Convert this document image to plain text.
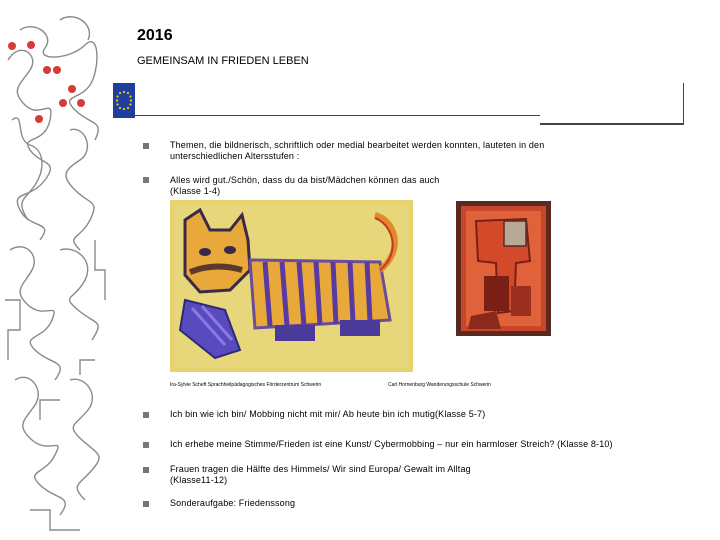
2016
GEMEINSAM IN FRIEDEN LEBEN
Themen, die bildnerisch, schriftlich oder medial bearbeitet werden konnten, lauteten in den unterschiedlichen Altersstufen :
Alles wird gut./Schön, dass du da bist/Mädchen können das auch (Klasse 1-4)
Ira-Sylvie Scheft Sprachheilpädagogisches Förderzentrum Schwerin	Carl Hornenburg Wanderungsschule Schwerin
Ich bin wie ich bin/ Mobbing nicht mit mir/ Ab heute bin ich mutig(Klasse 5-7)
Ich erhebe meine Stimme/Frieden ist eine Kunst/ Cybermobbing – nur ein harmloser Streich? (Klasse 8-10)
Frauen tragen die Hälfte des Himmels/ Wir sind Europa/ Gewalt im Alltag (Klasse11-12)
Sonderaufgabe: Friedenssong
